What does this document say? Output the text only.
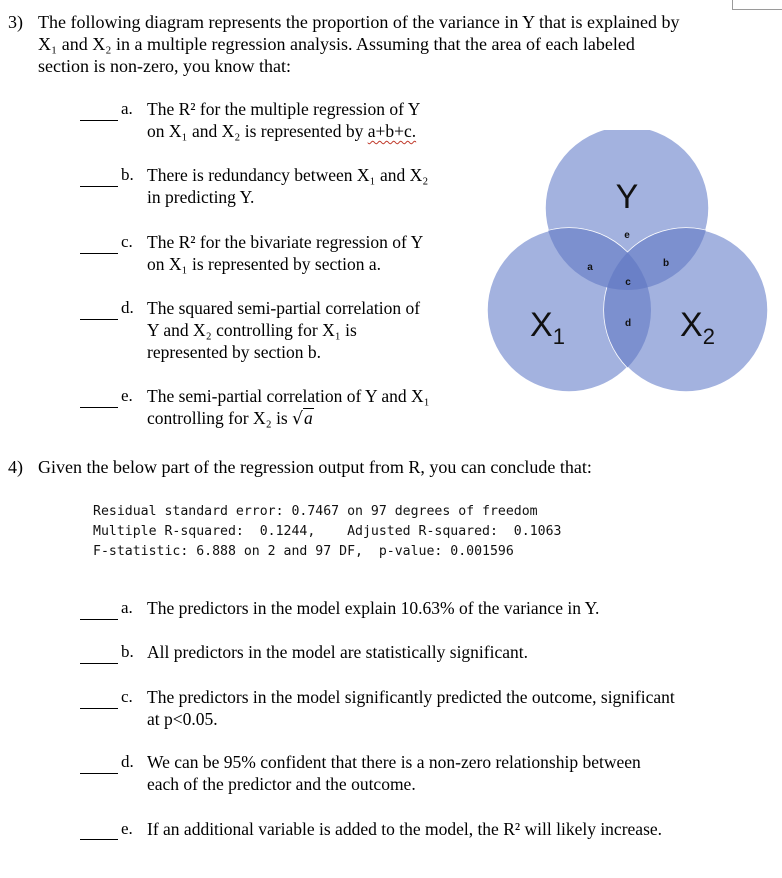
3) The following diagram represents the proportion of the variance in Y that is explained by
X₁ and X₂ in a multiple regression analysis. Assuming that the area of each labeled
section is non-zero, you know that:
a. The R² for the multiple regression of Y
on X₁ and X₂ is represented by a+b+c.
b. There is redundancy between X₁ and X₂
in predicting Y.
c. The R² for the bivariate regression of Y
on X₁ is represented by section a.
d. The squared semi-partial correlation of
Y and X₂ controlling for X₁ is
represented by section b.
e. The semi-partial correlation of Y and X₁
controlling for X₂ is √a
Y
$X_1$	$X_2$
a	b
c
d
e
4) Given the below part of the regression output from R, you can conclude that:
Residual standard error: 0.7467 on 97 degrees of freedom
Multiple R-squared:  0.1244,	Adjusted R-squared:  0.1063
F-statistic: 6.888 on 2 and 97 DF,  p-value: 0.001596
a. The predictors in the model explain 10.63% of the variance in Y.
b. All predictors in the model are statistically significant.
c. The predictors in the model significantly predicted the outcome, significant
at p<0.05.
d. We can be 95% confident that there is a non-zero relationship between
each of the predictor and the outcome.
e. If an additional variable is added to the model, the R² will likely increase.
